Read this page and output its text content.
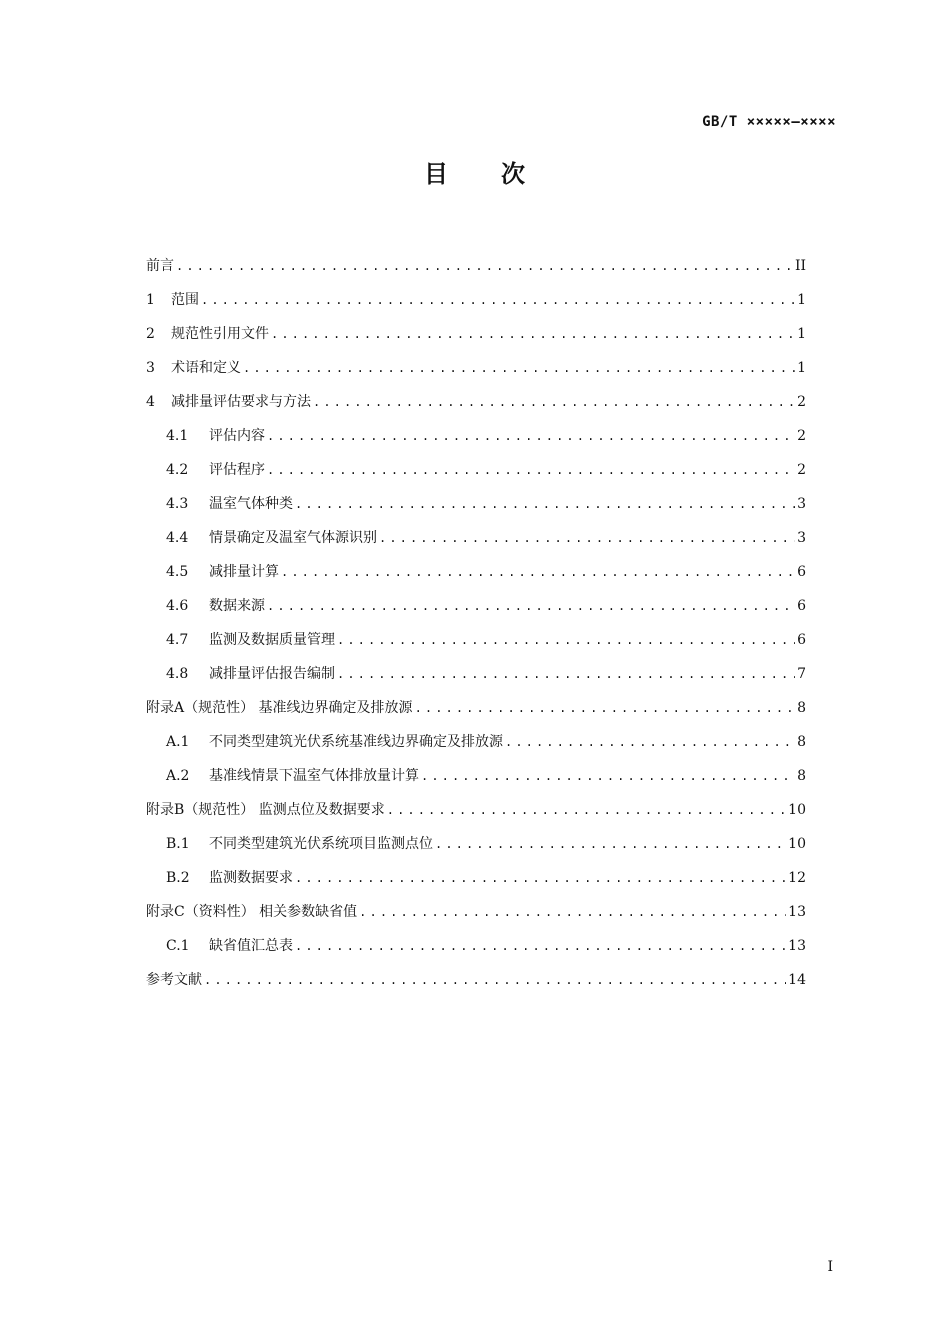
GB/T ×××××—××××
目 次
前言 .....	II
1	范围 .....	1
2	规范性引用文件 .....	1
3	术语和定义 .....	1
4	减排量评估要求与方法 .....	2
4.1	评估内容 .....	2
4.2	评估程序 .....	2
4.3	温室气体种类 .....	3
4.4	情景确定及温室气体源识别 .....	3
4.5	减排量计算 .....	6
4.6	数据来源 .....	6
4.7	监测及数据质量管理 .....	6
4.8	减排量评估报告编制 .....	7
附录A（规范性） 基准线边界确定及排放源 .....	8
A.1	不同类型建筑光伏系统基准线边界确定及排放源 .....	8
A.2	基准线情景下温室气体排放量计算 .....	8
附录B（规范性） 监测点位及数据要求 .....	10
B.1	不同类型建筑光伏系统项目监测点位 .....	10
B.2	监测数据要求 .....	12
附录C（资料性） 相关参数缺省值 .....	13
C.1	缺省值汇总表 .....	13
参考文献 .....	14
I
